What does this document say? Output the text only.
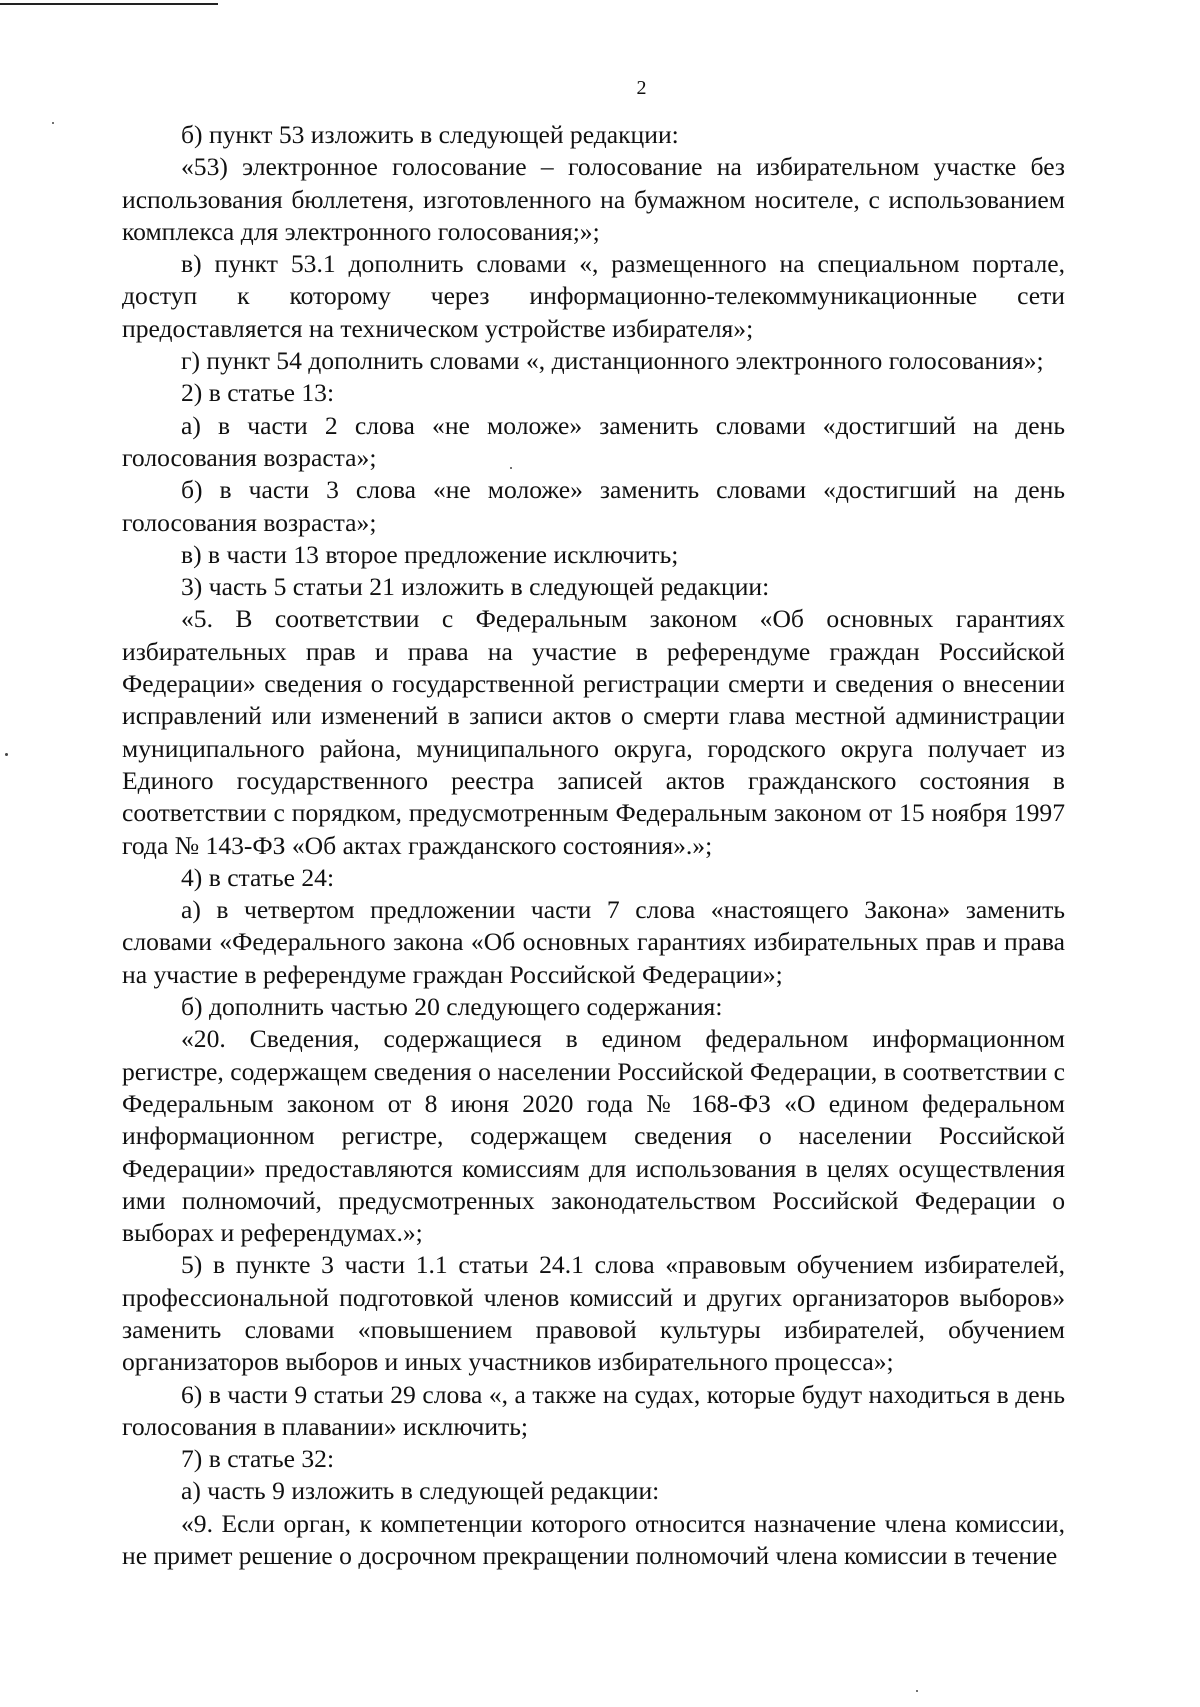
2

б) пункт 53 изложить в следующей редакции:

«53) электронное голосование – голосование на избирательном участке без использования бюллетеня, изготовленного на бумажном носителе, с использованием комплекса для электронного голосования;»;

в) пункт 53.1 дополнить словами «, размещенного на специальном портале, доступ к которому через информационно-телекоммуникационные сети предоставляется на техническом устройстве избирателя»;

г) пункт 54 дополнить словами «, дистанционного электронного голосования»;

2) в статье 13:

а) в части 2 слова «не моложе» заменить словами «достигший на день голосования возраста»;

б) в части 3 слова «не моложе» заменить словами «достигший на день голосования возраста»;

в) в части 13 второе предложение исключить;

3) часть 5 статьи 21 изложить в следующей редакции:

«5. В соответствии с Федеральным законом «Об основных гарантиях избирательных прав и права на участие в референдуме граждан Российской Федерации» сведения о государственной регистрации смерти и сведения о внесении исправлений или изменений в записи актов о смерти глава местной администрации муниципального района, муниципального округа, городского округа получает из Единого государственного реестра записей актов гражданского состояния в соответствии с порядком, предусмотренным Федеральным законом от 15 ноября 1997 года № 143-ФЗ «Об актах гражданского состояния».»;

4) в статье 24:

а) в четвертом предложении части 7 слова «настоящего Закона» заменить словами «Федерального закона «Об основных гарантиях избирательных прав и права на участие в референдуме граждан Российской Федерации»;

б) дополнить частью 20 следующего содержания:

«20. Сведения, содержащиеся в едином федеральном информационном регистре, содержащем сведения о населении Российской Федерации, в соответствии с Федеральным законом от 8 июня 2020 года № 168-ФЗ «О едином федеральном информационном регистре, содержащем сведения о населении Российской Федерации» предоставляются комиссиям для использования в целях осуществления ими полномочий, предусмотренных законодательством Российской Федерации о выборах и референдумах.»;

5) в пункте 3 части 1.1 статьи 24.1 слова «правовым обучением избирателей, профессиональной подготовкой членов комиссий и других организаторов выборов» заменить словами «повышением правовой культуры избирателей, обучением организаторов выборов и иных участников избирательного процесса»;

6) в части 9 статьи 29 слова «, а также на судах, которые будут находиться в день голосования в плавании» исключить;

7) в статье 32:

а) часть 9 изложить в следующей редакции:

«9. Если орган, к компетенции которого относится назначение члена комиссии, не примет решение о досрочном прекращении полномочий члена комиссии в течение
